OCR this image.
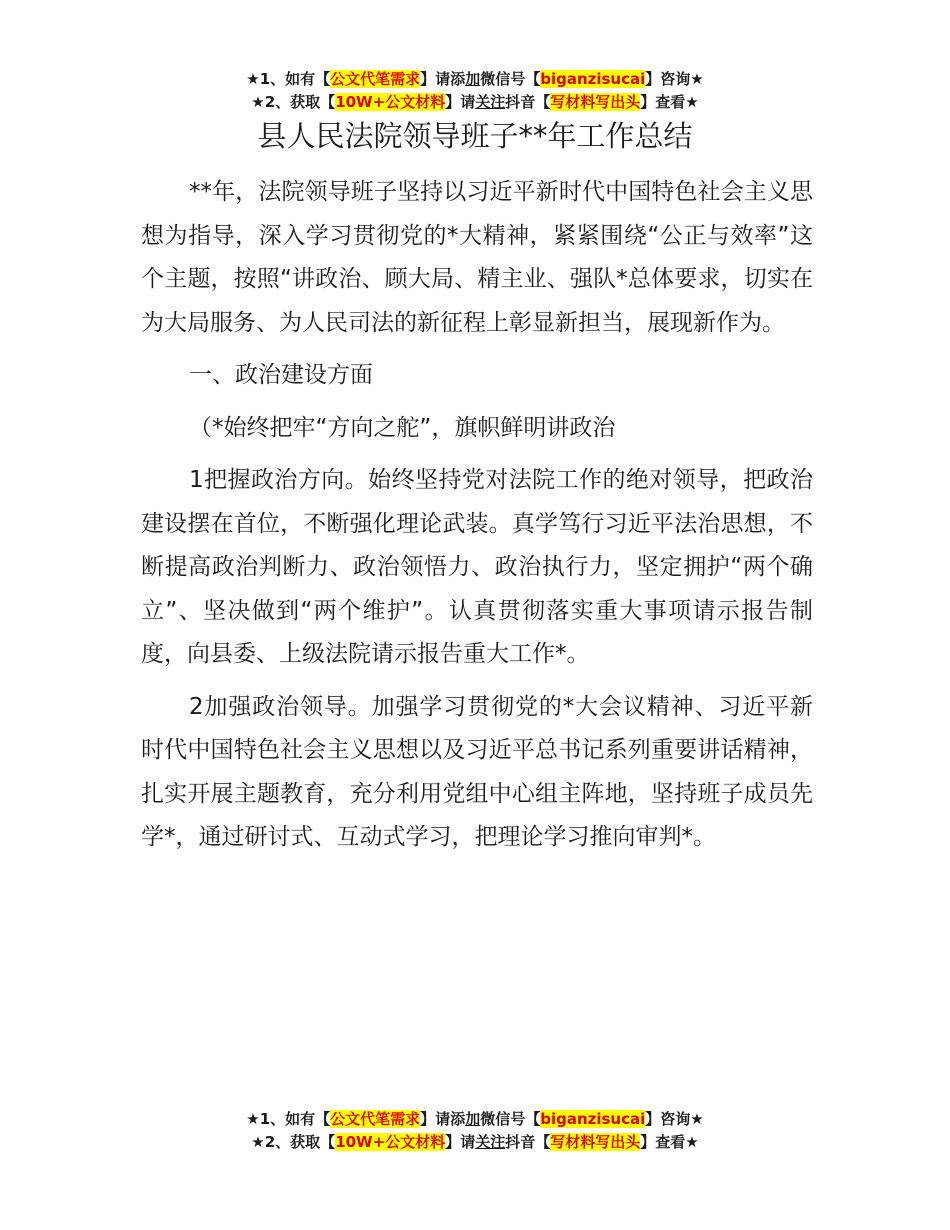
★1、如有【公文代笔需求】请添加微信号【biganzisucai】咨询★
★2、获取【10W+公文材料】请关注抖音【写材料写出头】查看★
县人民法院领导班子**年工作总结

**年，法院领导班子坚持以习近平新时代中国特色社会主义思想为指导，深入学习贯彻党的*大精神，紧紧围绕“公正与效率”这个主题，按照“讲政治、顾大局、精主业、强队*总体要求，切实在为大局服务、为人民司法的新征程上彰显新担当，展现新作为。

一、政治建设方面

（*始终把牢“方向之舵”，旗帜鲜明讲政治

1把握政治方向。始终坚持党对法院工作的绝对领导，把政治建设摆在首位，不断强化理论武装。真学笃行习近平法治思想，不断提高政治判断力、政治领悟力、政治执行力，坚定拥护“两个确立”、坚决做到“两个维护”。认真贯彻落实重大事项请示报告制度，向县委、上级法院请示报告重大工作*。

2加强政治领导。加强学习贯彻党的*大会议精神、习近平新时代中国特色社会主义思想以及习近平总书记系列重要讲话精神，扎实开展主题教育，充分利用党组中心组主阵地，坚持班子成员先学*，通过研讨式、互动式学习，把理论学习推向审判*。

★1、如有【公文代笔需求】请添加微信号【biganzisucai】咨询★
★2、获取【10W+公文材料】请关注抖音【写材料写出头】查看★
